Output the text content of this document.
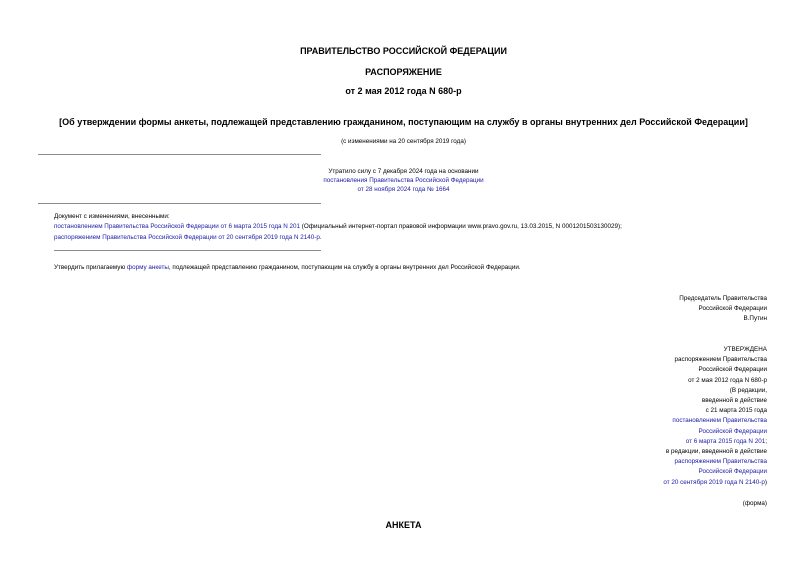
ПРАВИТЕЛЬСТВО РОССИЙСКОЙ ФЕДЕРАЦИИ
РАСПОРЯЖЕНИЕ
от 2 мая 2012 года N 680-р
[Об утверждении формы анкеты, подлежащей представлению гражданином, поступающим на службу в органы внутренних дел Российской Федерации]
(с изменениями на 20 сентября 2019 года)
Утратило силу с 7 декабря 2024 года на основании
постановления Правительства Российской Федерации
от 28 ноября 2024 года № 1664
Документ с изменениями, внесенными:
постановлением Правительства Российской Федерации от 6 марта 2015 года N 201 (Официальный интернет-портал правовой информации www.pravo.gov.ru, 13.03.2015, N 0001201503130029);
распоряжением Правительства Российской Федерации от 20 сентября 2019 года N 2140-р.
Утвердить прилагаемую форму анкеты, подлежащей представлению гражданином, поступающим на службу в органы внутренних дел Российской Федерации.
Председатель Правительства
Российской Федерации
В.Путин
УТВЕРЖДЕНА
распоряжением Правительства
Российской Федерации
от 2 мая 2012 года N 680-р
(В редакции,
введенной в действие
с 21 марта 2015 года
постановлением Правительства
Российской Федерации
от 6 марта 2015 года N 201;
в редакции, введенной в действие
распоряжением Правительства
Российской Федерации
от 20 сентября 2019 года N 2140-р)
(форма)
АНКЕТА
